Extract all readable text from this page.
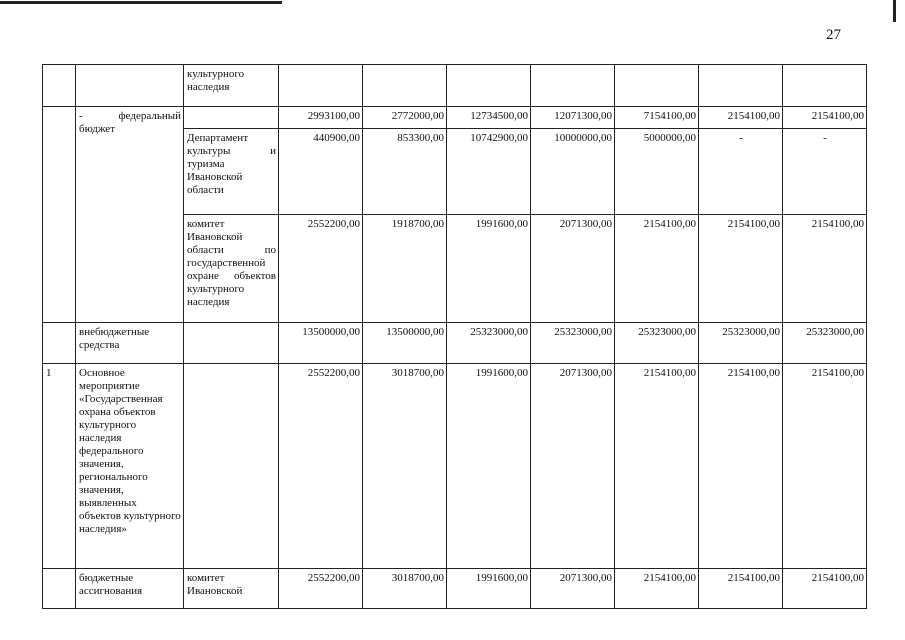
27
		культурного наследия							
	- федеральный бюджет		2993100,00	2772000,00	12734500,00	12071300,00	7154100,00	2154100,00	2154100,00
		Департамент культуры и туризма Ивановской области	440900,00	853300,00	10742900,00	10000000,00	5000000,00	-	-
		комитет Ивановской области по государственной охране объектов культурного наследия	2552200,00	1918700,00	1991600,00	2071300,00	2154100,00	2154100,00	2154100,00
	внебюджетные средства		13500000,00	13500000,00	25323000,00	25323000,00	25323000,00	25323000,00	25323000,00
1	Основное мероприятие «Государственная охрана объектов культурного наследия федерального значения, регионального значения, выявленных объектов культурного наследия»		2552200,00	3018700,00	1991600,00	2071300,00	2154100,00	2154100,00	2154100,00
	бюджетные ассигнования	комитет Ивановской	2552200,00	3018700,00	1991600,00	2071300,00	2154100,00	2154100,00	2154100,00
